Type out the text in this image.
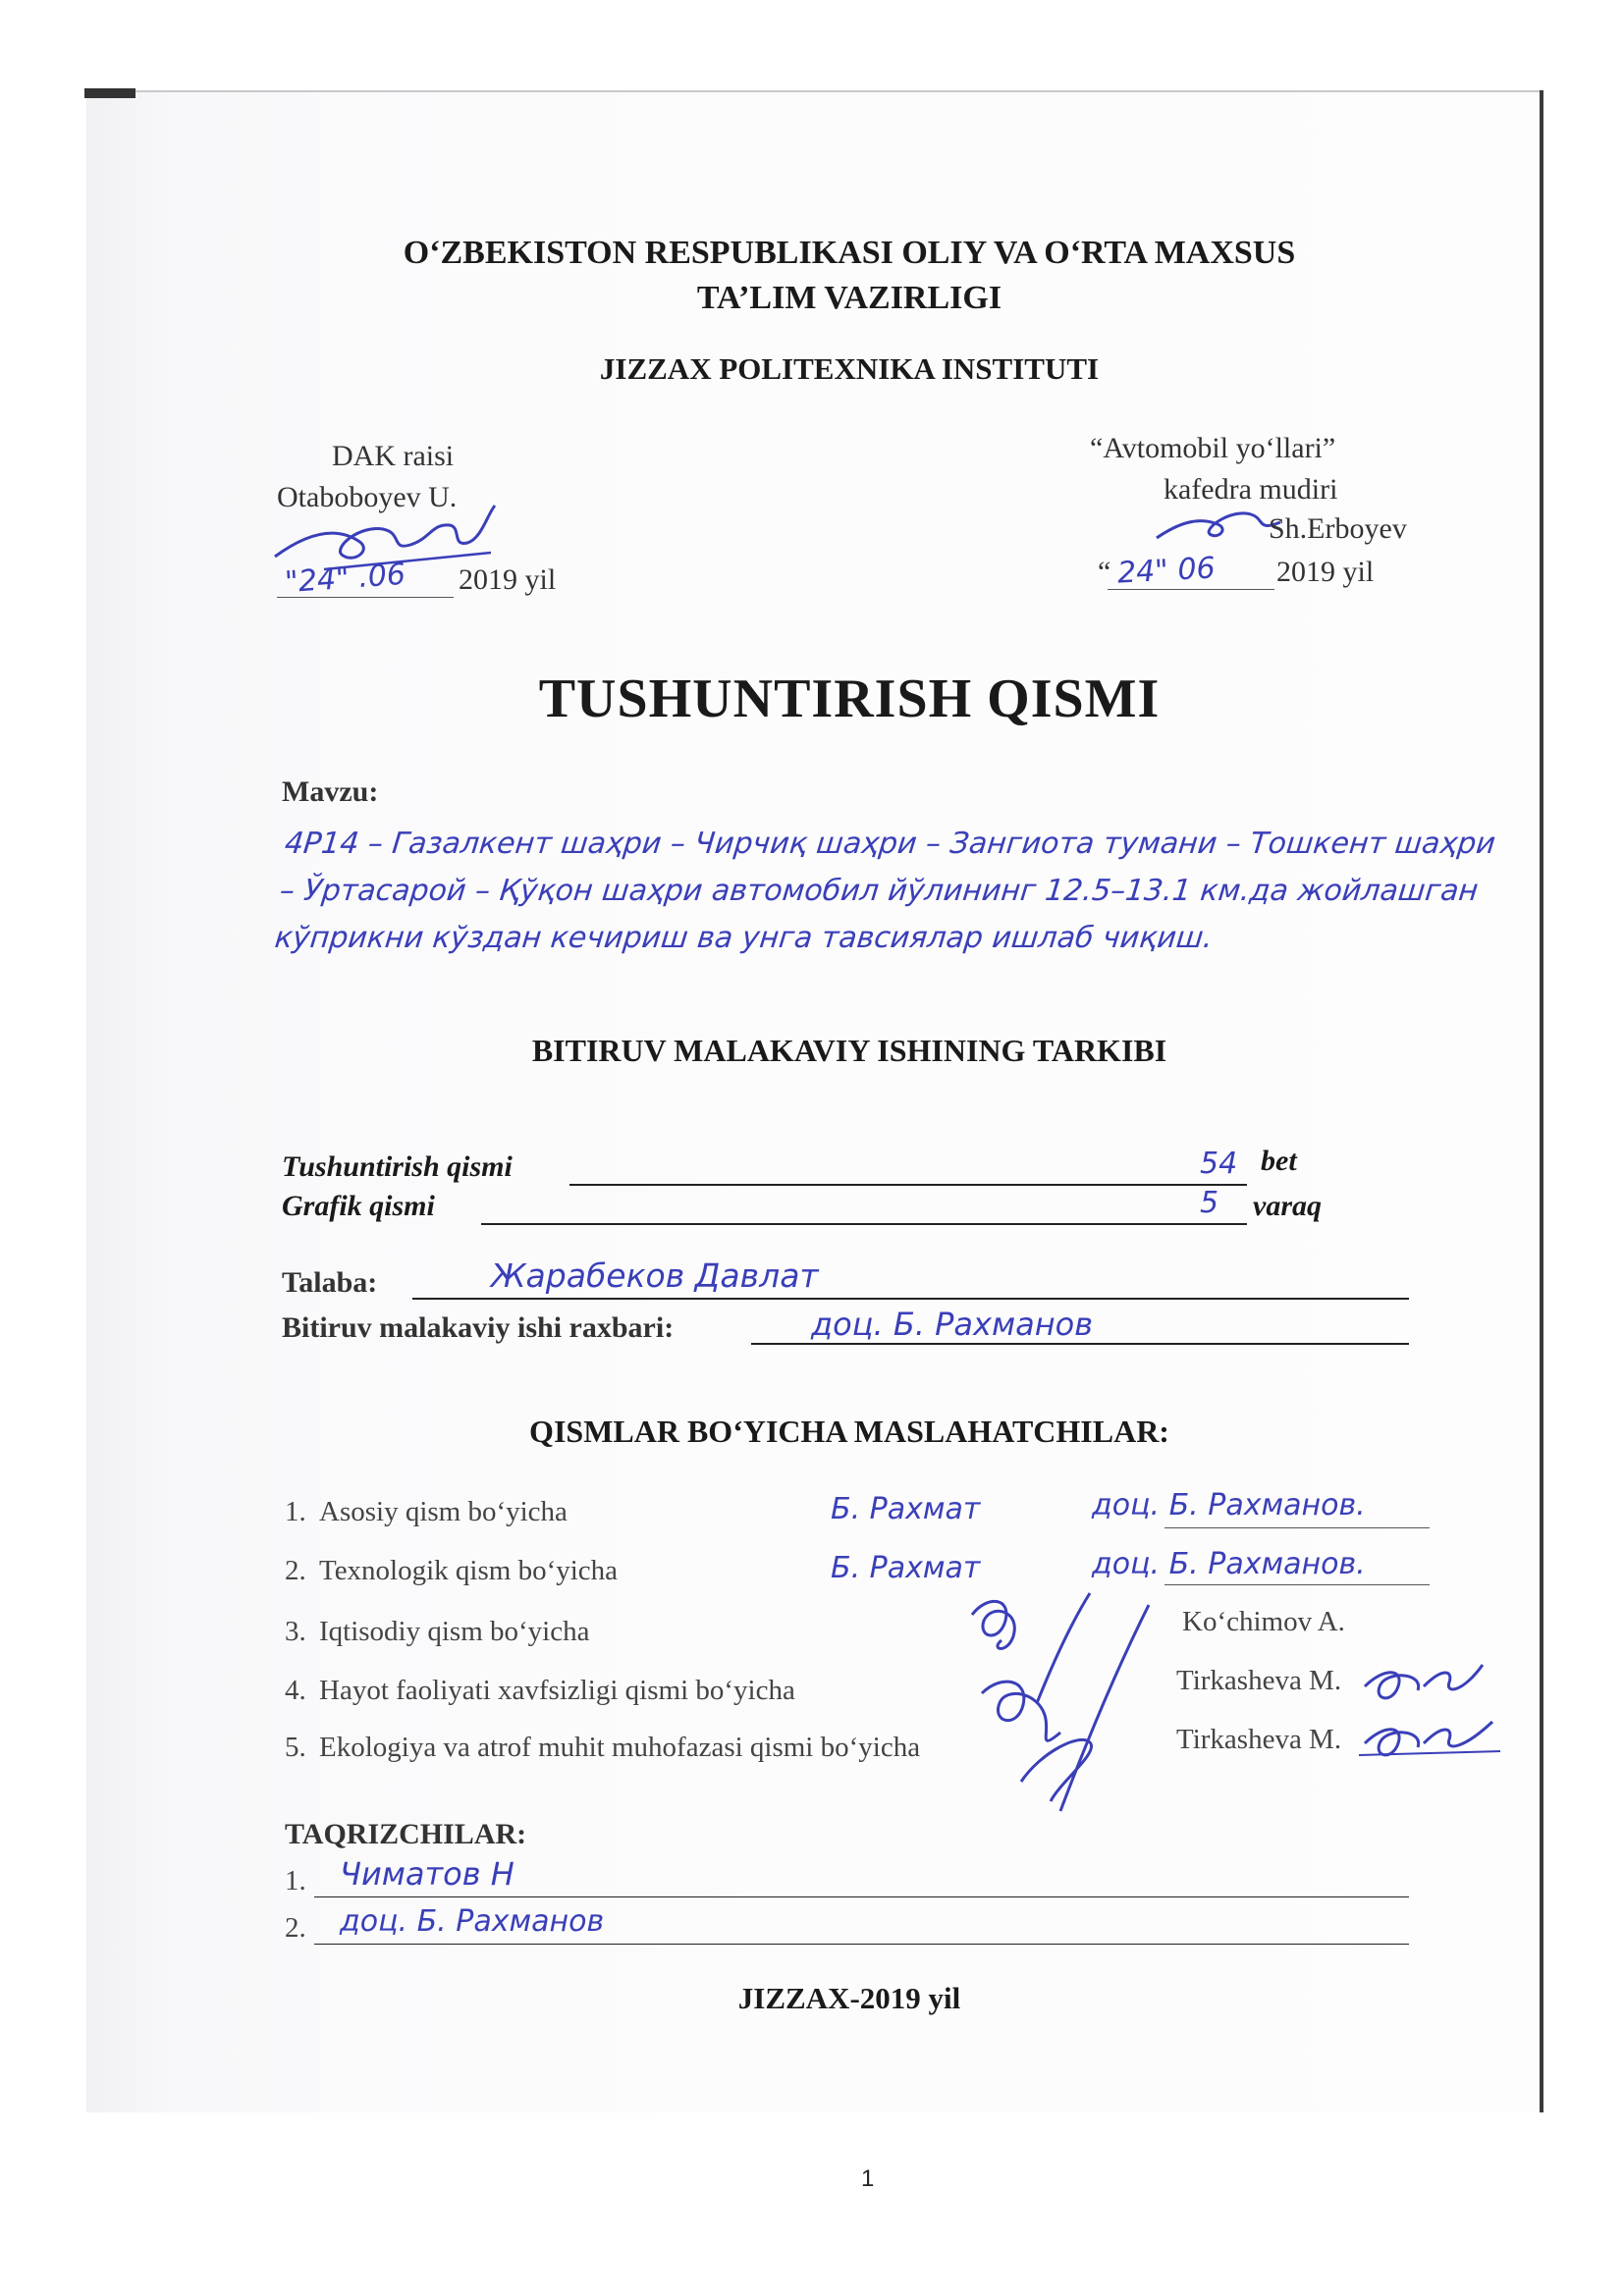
O‘ZBEKISTON RESPUBLIKASI OLIY VA O‘RTA MAXSUS TA’LIM VAZIRLIGI
JIZZAX POLITEXNIKA INSTITUTI
DAK raisi
Otaboboyev U.
"24" .06 2019 yil
“Avtomobil yo‘llari”
kafedra mudiri
Sh.Erboyev
“ 24" 06 2019 yil
TUSHUNTIRISH QISMI
Mavzu:
4P14 – Газалкент шаҳри – Чирчиқ шаҳри – Зангиота тумани – Тошкент шаҳри – Ўртасарой – Қўқон шаҳри автомобил йўлининг 12.5–13.1 км.да жойлашган кўприкни кўздан кечириш ва унга тавсиялар ишлаб чиқиш.
BITIRUV MALAKAVIY ISHINING TARKIBI
Tushuntirish qismi	54 bet
Grafik qismi	5 varaq
Talaba:	Жарабеков Давлат
Bitiruv malakaviy ishi raxbari:	доц. Б. Рахманов
QISMLAR BO‘YICHA MASLAHATCHILAR:
1. Asosiy qism bo‘yicha	Б. Рахмат	доц. Б. Рахманов.
2. Texnologik qism bo‘yicha	Б. Рахмат	доц. Б. Рахманов.
3. Iqtisodiy qism bo‘yicha	Ko‘chimov A.
4. Hayot faoliyati xavfsizligi qismi bo‘yicha	Tirkasheva M.
5. Ekologiya va atrof muhit muhofazasi qismi bo‘yicha	Tirkasheva M.
TAQRIZCHILAR:
1. Чиматов Н
2. доц. Б. Рахманов
JIZZAX-2019 yil
1
